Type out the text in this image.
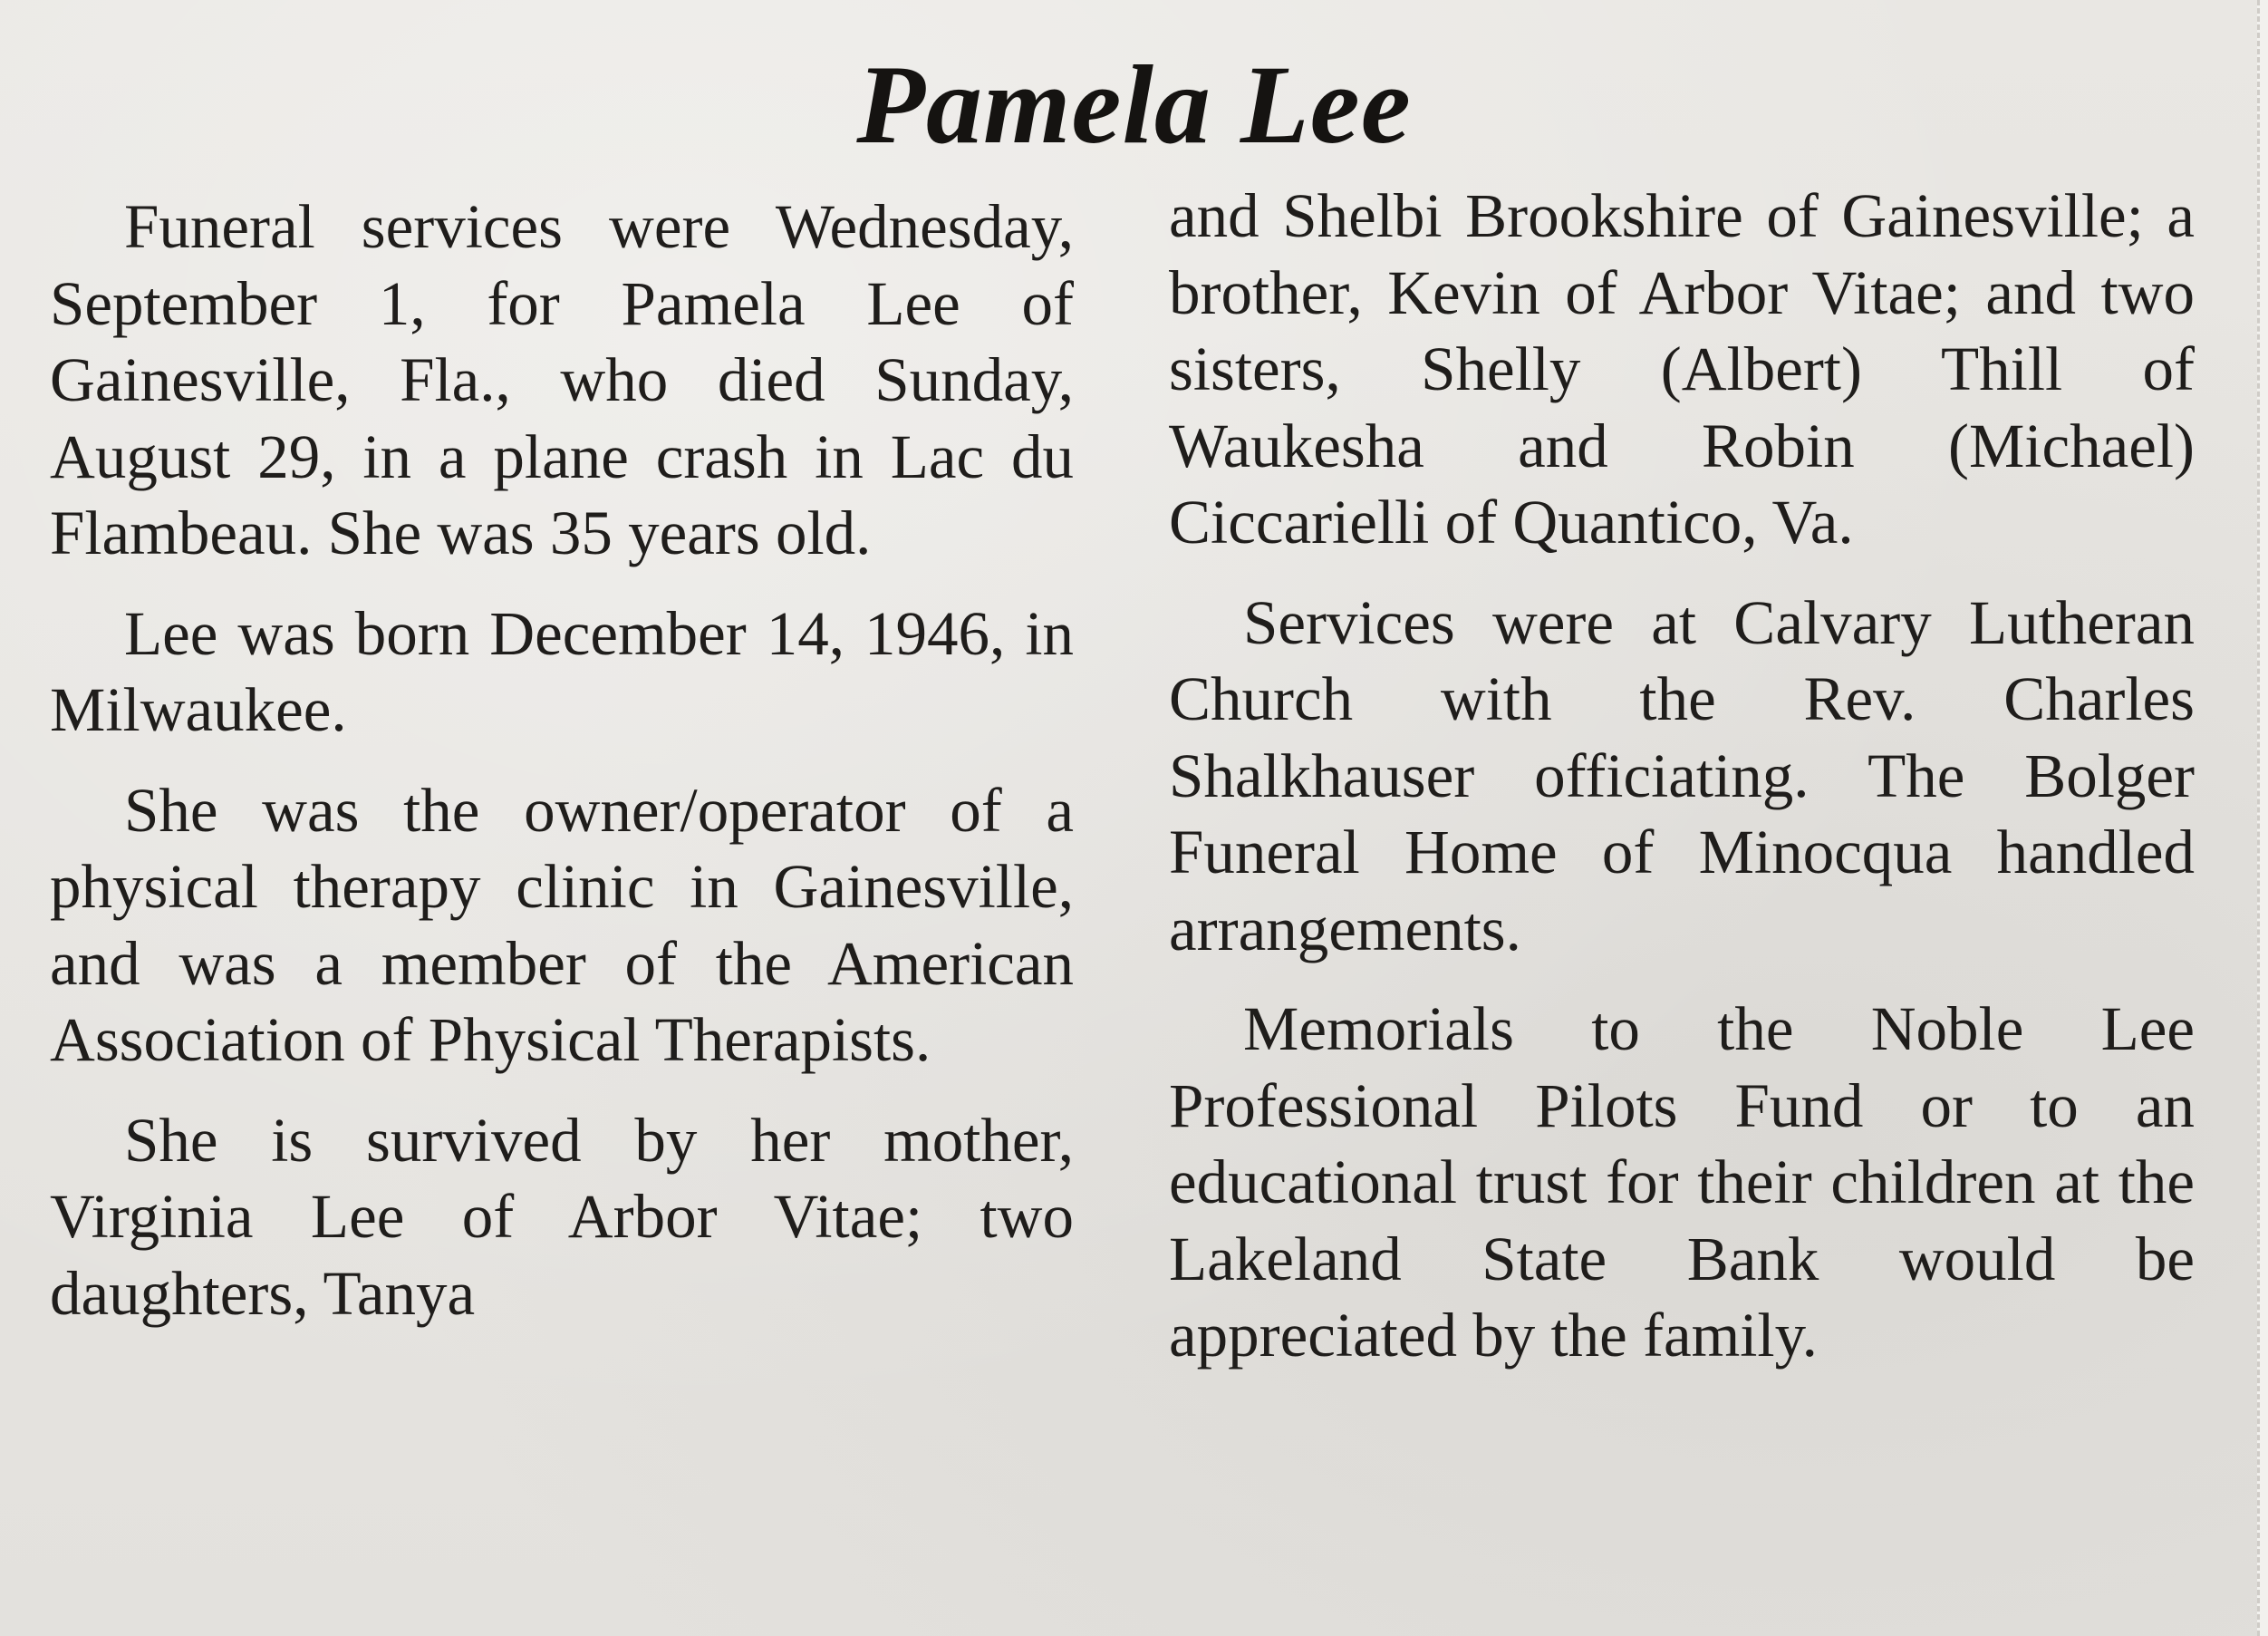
Pamela Lee

Funeral services were Wednesday, September 1, for Pamela Lee of Gainesville, Fla., who died Sunday, August 29, in a plane crash in Lac du Flambeau. She was 35 years old.

Lee was born December 14, 1946, in Milwaukee.

She was the owner/operator of a physical therapy clinic in Gainesville, and was a member of the American Association of Physical Therapists.

She is survived by her mother, Virginia Lee of Arbor Vitae; two daughters, Tanya

and Shelbi Brookshire of Gainesville; a brother, Kevin of Arbor Vitae; and two sisters, Shelly (Albert) Thill of Waukesha and Robin (Michael) Ciccarielli of Quantico, Va.

Services were at Calvary Lutheran Church with the Rev. Charles Shalkhauser officiating. The Bolger Funeral Home of Minocqua handled arrangements.

Memorials to the Noble Lee Professional Pilots Fund or to an educational trust for their children at the Lakeland State Bank would be appreciated by the family.
